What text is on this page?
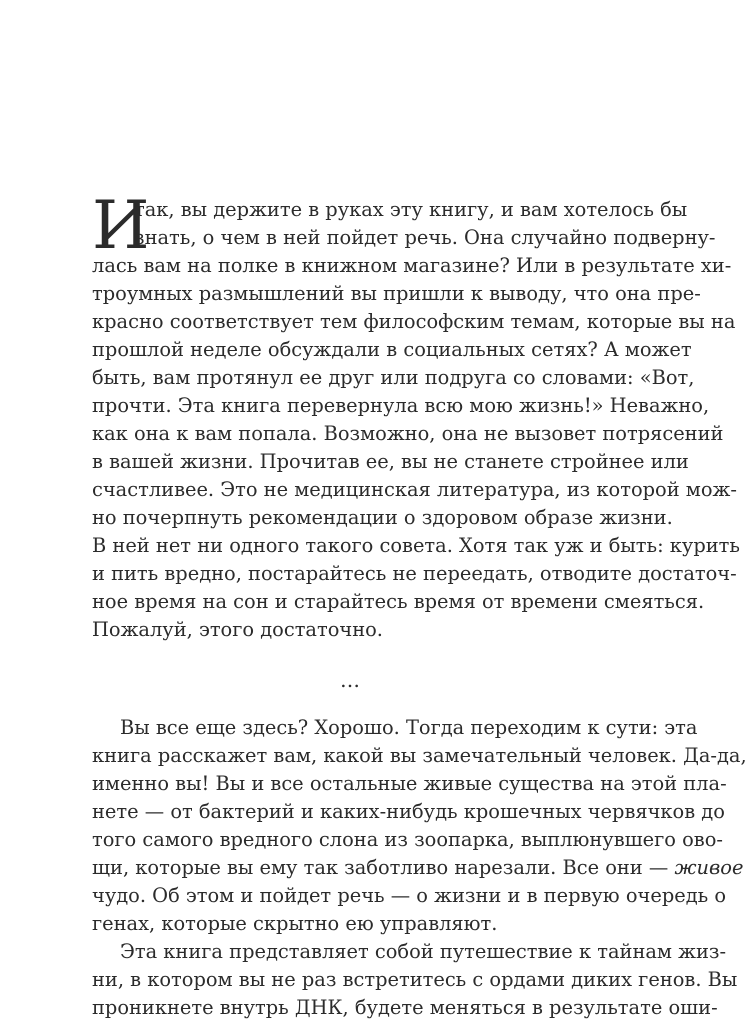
И
так, вы держите в руках эту книгу, и вам хотелось бы
знать, о чем в ней пойдет речь. Она случайно подверну-
лась вам на полке в книжном магазине? Или в результате хи-
троумных размышлений вы пришли к выводу, что она пре-
красно соответствует тем философским темам, которые вы на
прошлой неделе обсуждали в социальных сетях? А может
быть, вам протянул ее друг или подруга со словами: «Вот,
прочти. Эта книга перевернула всю мою жизнь!» Неважно,
как она к вам попала. Возможно, она не вызовет потрясений
в вашей жизни. Прочитав ее, вы не станете стройнее или
счастливее. Это не медицинская литература, из которой мож-
но почерпнуть рекомендации о здоровом образе жизни.
В ней нет ни одного такого совета. Хотя так уж и быть: курить
и пить вредно, постарайтесь не переедать, отводите достаточ-
ное время на сон и старайтесь время от времени смеяться.
Пожалуй, этого достаточно.
…
Вы все еще здесь? Хорошо. Тогда переходим к сути: эта
книга расскажет вам, какой вы замечательный человек. Да-да,
именно вы! Вы и все остальные живые существа на этой пла-
нете — от бактерий и каких-нибудь крошечных червячков до
того самого вредного слона из зоопарка, выплюнувшего ово-
щи, которые вы ему так заботливо нарезали. Все они — живое
чудо. Об этом и пойдет речь — о жизни и в первую очередь о
генах, которые скрытно ею управляют.
Эта книга представляет собой путешествие к тайнам жиз-
ни, в котором вы не раз встретитесь с ордами диких генов. Вы
проникнете внутрь ДНК, будете меняться в результате оши-
